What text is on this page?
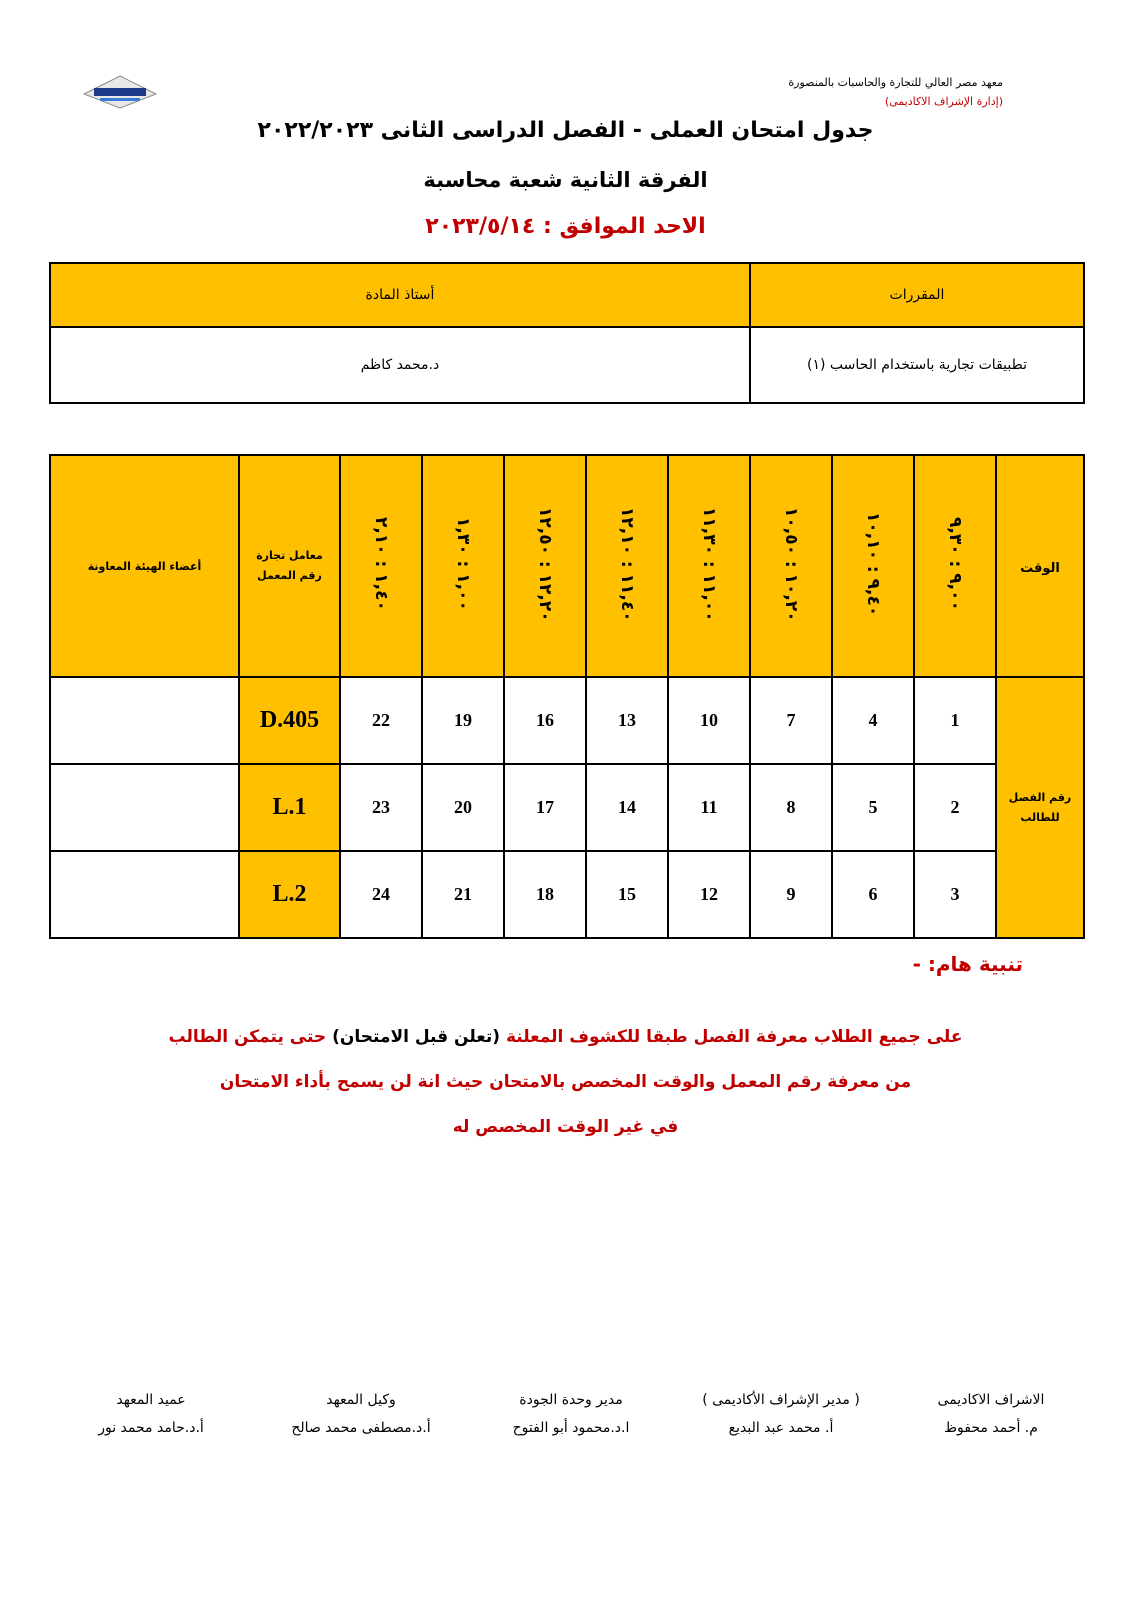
معهد مصر العالي للتجارة والحاسبات بالمنصورة
(إدارة الإشراف الاكاديمى)
جدول امتحان العملى - الفصل الدراسى الثانى ٢٠٢٢/٢٠٢٣
الفرقة الثانية شعبة محاسبة
الاحد الموافق : ٢٠٢٣/٥/١٤
المقررات	أستاذ المادة
تطبيقات تجارية باستخدام الحاسب (١)	د.محمد كاظم
الوقت	٩,٠٠ : ٩,٣٠	٩,٤٠ : ١٠,١٠	١٠,٢٠ : ١٠,٥٠	١١,٠٠ : ١١,٣٠	١١,٤٠ : ١٢,١٠	١٢,٢٠ : ١٢,٥٠	١,٠٠ : ١,٣٠	١,٤٠ : ٢,١٠	معامل تجارة
رقم المعمل	أعضاء الهيئة المعاونة

رقم الفصل
للطالب	1	4	7	10	13	16	19	22	D.405	
	2	5	8	11	14	17	20	23	L.1	
	3	6	9	12	15	18	21	24	L.2	
تنبية هام: -
على جميع الطلاب معرفة الفصل طبقا للكشوف المعلنة (تعلن قبل الامتحان) حتى يتمكن الطالب
من معرفة رقم المعمل والوقت المخصص بالامتحان حيث انة لن يسمح بأداء الامتحان
في غير الوقت المخصص له
الاشراف الاكاديمى
م. أحمد محفوظ
( مدير الإشراف الأكاديمى )
أ. محمد عبد البديع
مدير وحدة الجودة
ا.د.محمود أبو الفتوح
وكيل المعهد
أ.د.مصطفى محمد صالح
عميد المعهد
أ.د.حامد محمد نور
